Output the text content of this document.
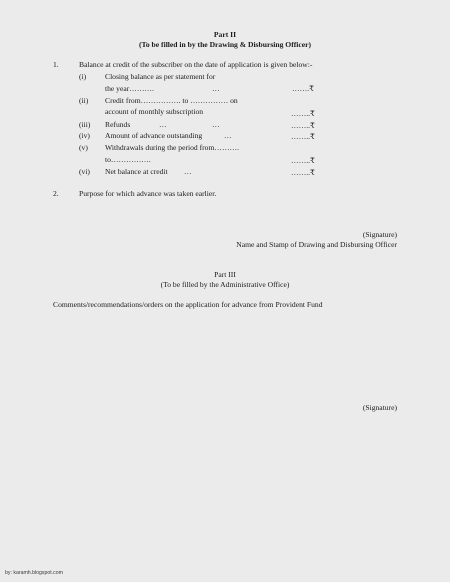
Part II
(To be filled in by the Drawing & Disbursing Officer)
1.	Balance at credit of the subscriber on the date of application is given below:-
(i) Closing balance as per statement for
the year……….	…	…….₹
(ii) Credit from……………. to …………… on
account of monthly subscription	……..₹
(iii) Refunds	…	…	……..₹
(iv) Amount of advance outstanding	…	……..₹
(v) Withdrawals during the period from……….
to…………….	……..₹
(vi) Net balance at credit …	……..₹
2.	Purpose for which advance was taken earlier.
(Signature)
Name and Stamp of Drawing and Disbursing Officer
Part III
(To be filled by the Administrative Office)
Comments/recommendations/orders on the application for advance from Provident Fund
(Signature)
by: karamh.blogspot.com
